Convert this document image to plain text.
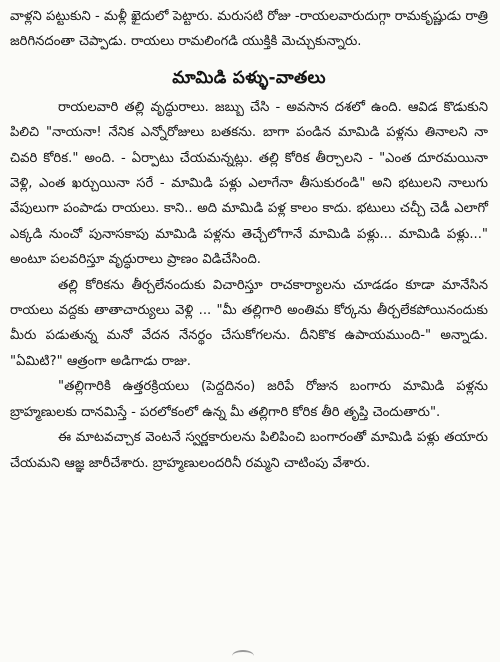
వాళ్లని పట్టుకుని - మళ్లీ ఖైదులో పెట్టారు. మరుసటి రోజు -రాయలవారుదుగ్గా రామకృష్ణుడు రాత్రి జరిగినదంతా చెప్పాడు. రాయలు రామలింగడి యుక్తికి మెచ్చుకున్నారు.

మామిడి పళ్ళు-వాతలు

రాయలవారి తల్లి వృద్ధురాలు. జబ్బు చేసి - అవసాన దశలో ఉంది. ఆవిడ కొడుకుని పిలిచి "నాయనా! నేనిక ఎన్నోరోజులు బతకను. బాగా పండిన మామిడి పళ్లను తినాలని నా చివరి కోరిక." అంది. - ఏర్పాటు చేయమన్నట్లు. తల్లి కోరిక తీర్చాలని - "ఎంత దూరమయినా వెళ్లి, ఎంత ఖర్చుయినా సరే - మామిడి పళ్లు ఎలాగేనా తీసుకురండి" అని భటులని నాలుగు వేపులుగా పంపాడు రాయలు. కాని.. అది మామిడి పళ్ల కాలం కాదు. భటులు చచ్చీ చెడీ ఎలాగో ఎక్కడి నుంచో పునాసకాపు మామిడి పళ్లను తెచ్చేలోగానే మామిడి పళ్లు... మామిడి పళ్లు..." అంటూ పలవరిస్తూ వృద్ధురాలు ప్రాణం విడిచేసింది.

తల్లి కోరికను తీర్చలేనందుకు విచారిస్తూ రాచకార్యాలను చూడడం కూడా మానేసిన రాయలు వద్దకు తాతాచార్యులు వెళ్లి ... "మీ తల్లిగారి అంతిమ కోర్కను తీర్చలేకపోయినందుకు మీరు పడుతున్న మనో వేదన నేనర్థం చేసుకోగలను. దీనికొక ఉపాయముంది-" అన్నాడు. "ఏమిటి?" ఆత్రంగా అడిగాడు రాజు.

"తల్లిగారికి ఉత్తరక్రియలు (పెద్దదినం) జరిపే రోజున బంగారు మామిడి పళ్లను బ్రాహ్మణులకు దానమిస్తే - పరలోకంలో ఉన్న మీ తల్లిగారి కోరిక తీరి తృప్తి చెందుతారు".

ఈ మాటవచ్చాక వెంటనే స్వర్ణకారులను పిలిపించి బంగారంతో మామిడి పళ్లు తయారు చేయమని ఆజ్ఞ జారీచేశారు. బ్రాహ్మణులందరినీ రమ్మని చాటింపు వేశారు.
